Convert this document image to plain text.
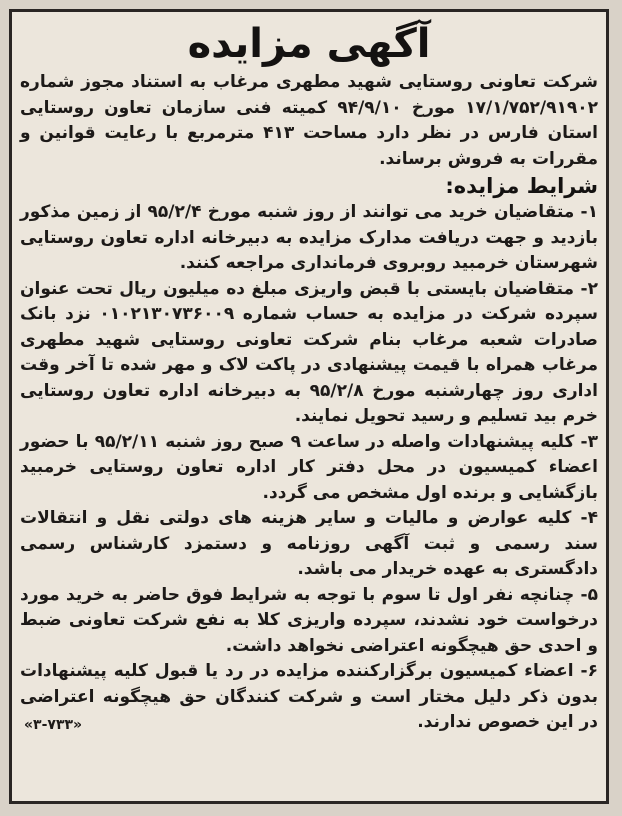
آگهی مزایده

شرکت تعاونی روستایی شهید مطهری مرغاب به استناد مجوز شماره ۱۷/۱/۷۵۲/۹۱۹۰۲ مورخ ۹۴/۹/۱۰ کمیته فنی سازمان تعاون روستایی استان فارس در نظر دارد مساحت ۴۱۳ مترمربع با رعایت قوانین و مقررات به فروش برساند.

شرایط مزایده:

۱- متقاضیان خرید می توانند از روز شنبه مورخ ۹۵/۲/۴ از زمین مذکور بازدید و جهت دریافت مدارک مزایده به دبیرخانه اداره تعاون روستایی شهرستان خرمبید روبروی فرمانداری مراجعه کنند.

۲- متقاضیان بایستی با قبض واریزی مبلغ ده میلیون ریال تحت عنوان سپرده شرکت در مزایده به حساب شماره ۰۱۰۲۱۳۰۷۳۶۰۰۹ نزد بانک صادرات شعبه مرغاب بنام شرکت تعاونی روستایی شهید مطهری مرغاب همراه با قیمت پیشنهادی در پاکت لاک و مهر شده تا آخر وقت اداری روز چهارشنبه مورخ ۹۵/۲/۸ به دبیرخانه اداره تعاون روستایی خرم بید تسلیم و رسید تحویل نمایند.

۳- کلیه پیشنهادات واصله در ساعت ۹ صبح روز شنبه ۹۵/۲/۱۱ با حضور اعضاء کمیسیون در محل دفتر کار اداره تعاون روستایی خرمبید بازگشایی و برنده اول مشخص می گردد.

۴- کلیه عوارض و مالیات و سایر هزینه های دولتی نقل و انتقالات سند رسمی و ثبت آگهی روزنامه و دستمزد کارشناس رسمی دادگستری به عهده خریدار می باشد.

۵- چنانچه نفر اول تا سوم با توجه به شرایط فوق حاضر به خرید مورد درخواست خود نشدند، سپرده واریزی کلا به نفع شرکت تعاونی ضبط و احدی حق هیچگونه اعتراضی نخواهد داشت.

۶- اعضاء کمیسیون برگزارکننده مزایده در رد یا قبول کلیه پیشنهادات بدون ذکر دلیل مختار است و شرکت کنندگان حق هیچگونه اعتراضی در این خصوص ندارند.

«۳-۷۳۳»
